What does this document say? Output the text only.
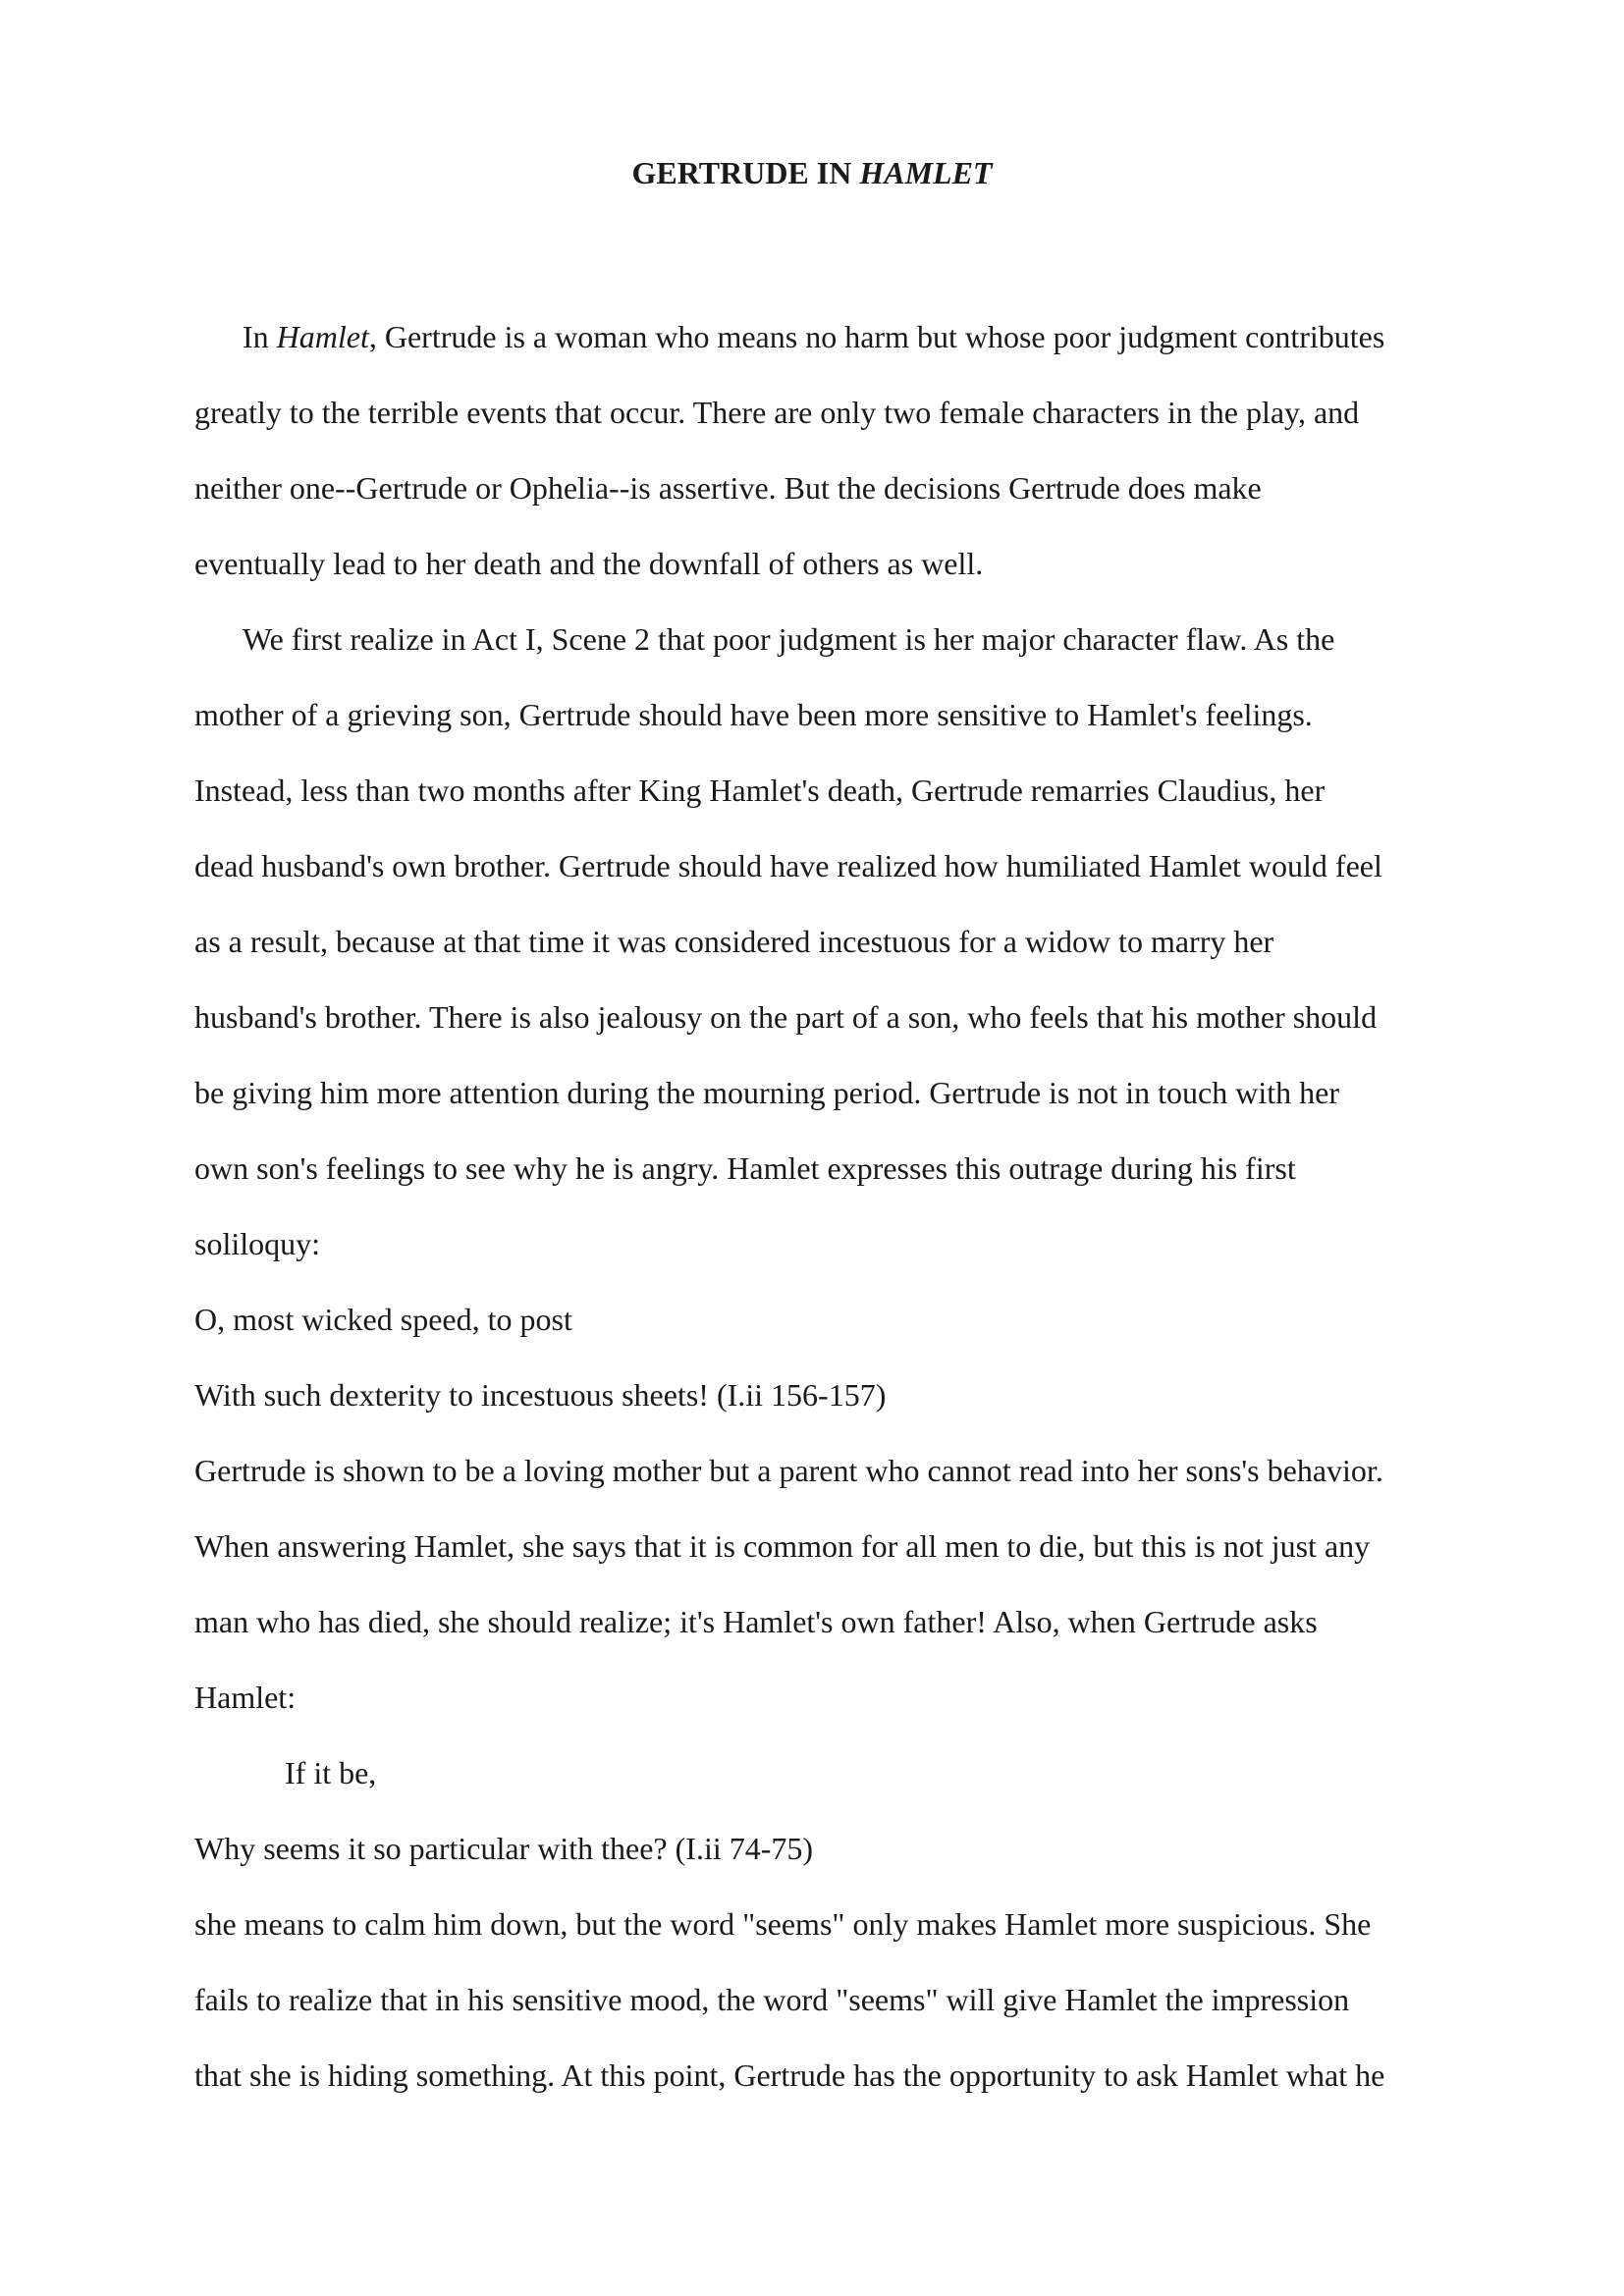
GERTRUDE IN HAMLET

In Hamlet, Gertrude is a woman who means no harm but whose poor judgment contributes

greatly to the terrible events that occur. There are only two female characters in the play, and

neither one--Gertrude or Ophelia--is assertive. But the decisions Gertrude does make

eventually lead to her death and the downfall of others as well.

We first realize in Act I, Scene 2 that poor judgment is her major character flaw. As the

mother of a grieving son, Gertrude should have been more sensitive to Hamlet's feelings.

Instead, less than two months after King Hamlet's death, Gertrude remarries Claudius, her

dead husband's own brother. Gertrude should have realized how humiliated Hamlet would feel

as a result, because at that time it was considered incestuous for a widow to marry her

husband's brother. There is also jealousy on the part of a son, who feels that his mother should

be giving him more attention during the mourning period. Gertrude is not in touch with her

own son's feelings to see why he is angry. Hamlet expresses this outrage during his first

soliloquy:

O, most wicked speed, to post

With such dexterity to incestuous sheets! (I.ii 156-157)

Gertrude is shown to be a loving mother but a parent who cannot read into her sons's behavior.

When answering Hamlet, she says that it is common for all men to die, but this is not just any

man who has died, she should realize; it's Hamlet's own father! Also, when Gertrude asks

Hamlet:

If it be,

Why seems it so particular with thee? (I.ii 74-75)

she means to calm him down, but the word "seems" only makes Hamlet more suspicious. She

fails to realize that in his sensitive mood, the word "seems" will give Hamlet the impression

that she is hiding something. At this point, Gertrude has the opportunity to ask Hamlet what he
